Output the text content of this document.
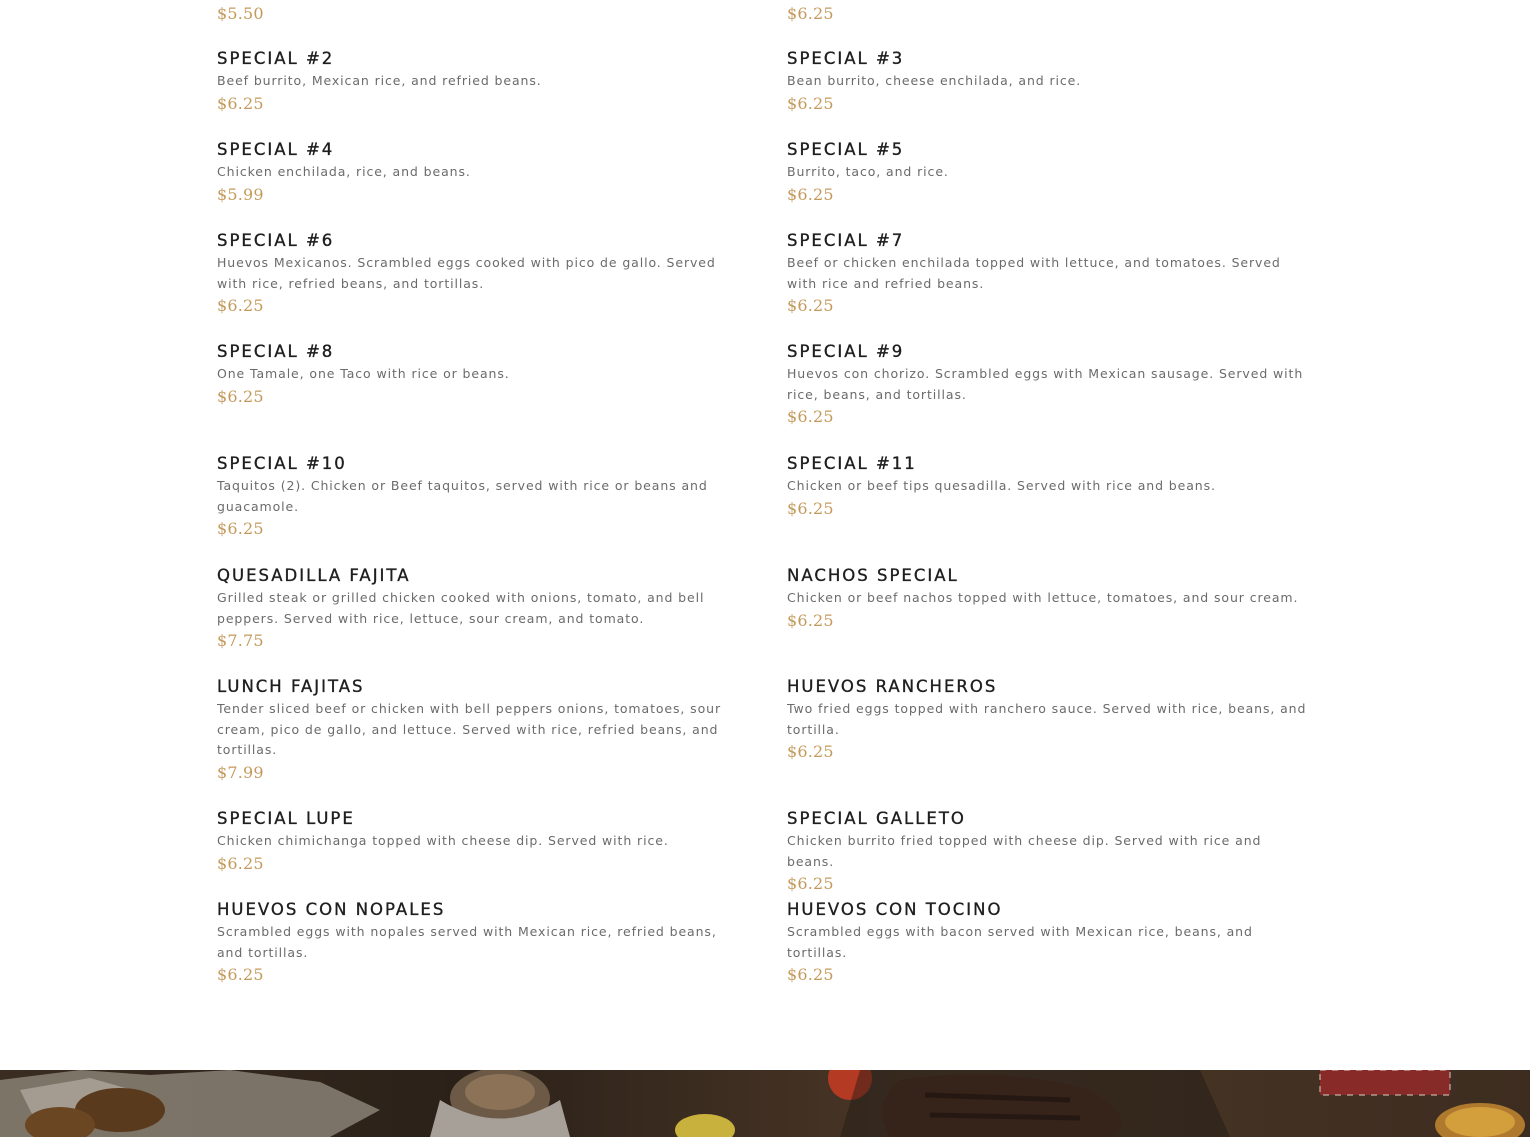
$5.50
SPECIAL #2

Beef burrito, Mexican rice, and refried beans.

$6.25
SPECIAL #4

Chicken enchilada, rice, and beans.

$5.99
SPECIAL #6

Huevos Mexicanos. Scrambled eggs cooked with pico de gallo. Served with rice, refried beans, and tortillas.

$6.25
SPECIAL #8

One Tamale, one Taco with rice or beans.

$6.25
SPECIAL #10

Taquitos (2). Chicken or Beef taquitos, served with rice or beans and guacamole.

$6.25
QUESADILLA FAJITA

Grilled steak or grilled chicken cooked with onions, tomato, and bell peppers. Served with rice, lettuce, sour cream, and tomato.

$7.75
LUNCH FAJITAS

Tender sliced beef or chicken with bell peppers onions, tomatoes, sour cream, pico de gallo, and lettuce. Served with rice, refried beans, and tortillas.

$7.99
SPECIAL LUPE

Chicken chimichanga topped with cheese dip. Served with rice.

$6.25
HUEVOS CON NOPALES

Scrambled eggs with nopales served with Mexican rice, refried beans, and tortillas.

$6.25
$6.25
SPECIAL #3

Bean burrito, cheese enchilada, and rice.

$6.25
SPECIAL #5

Burrito, taco, and rice.

$6.25
SPECIAL #7

Beef or chicken enchilada topped with lettuce, and tomatoes. Served with rice and refried beans.

$6.25
SPECIAL #9

Huevos con chorizo. Scrambled eggs with Mexican sausage. Served with rice, beans, and tortillas.

$6.25
SPECIAL #11

Chicken or beef tips quesadilla. Served with rice and beans.

$6.25
NACHOS SPECIAL

Chicken or beef nachos topped with lettuce, tomatoes, and sour cream.

$6.25
HUEVOS RANCHEROS

Two fried eggs topped with ranchero sauce. Served with rice, beans, and tortilla.

$6.25
SPECIAL GALLETO

Chicken burrito fried topped with cheese dip. Served with rice and beans.

$6.25
HUEVOS CON TOCINO

Scrambled eggs with bacon served with Mexican rice, beans, and tortillas.

$6.25
